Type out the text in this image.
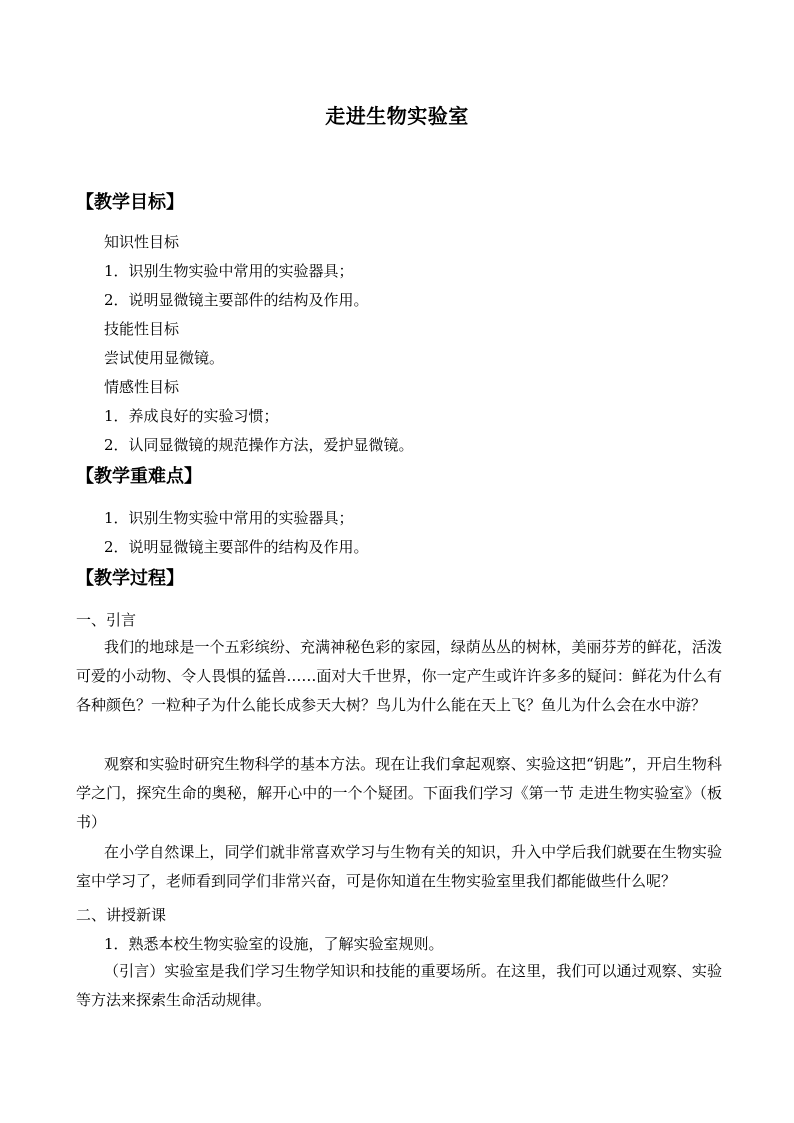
走进生物实验室
【教学目标】
知识性目标
1．识别生物实验中常用的实验器具；
2．说明显微镜主要部件的结构及作用。
技能性目标
尝试使用显微镜。
情感性目标
1．养成良好的实验习惯；
2．认同显微镜的规范操作方法，爱护显微镜。
【教学重难点】
1．识别生物实验中常用的实验器具；
2．说明显微镜主要部件的结构及作用。
【教学过程】
一、引言
我们的地球是一个五彩缤纷、充满神秘色彩的家园，绿荫丛丛的树林，美丽芬芳的鲜花，活泼可爱的小动物、令人畏惧的猛兽……面对大千世界，你一定产生或许许多多的疑问：鲜花为什么有各种颜色？一粒种子为什么能长成参天大树？鸟儿为什么能在天上飞？鱼儿为什么会在水中游？
观察和实验时研究生物科学的基本方法。现在让我们拿起观察、实验这把“钥匙”，开启生物科学之门，探究生命的奥秘，解开心中的一个个疑团。下面我们学习《第一节 走进生物实验室》（板书）
在小学自然课上，同学们就非常喜欢学习与生物有关的知识，升入中学后我们就要在生物实验室中学习了，老师看到同学们非常兴奋，可是你知道在生物实验室里我们都能做些什么呢？
二、讲授新课
1．熟悉本校生物实验室的设施，了解实验室规则。
（引言）实验室是我们学习生物学知识和技能的重要场所。在这里，我们可以通过观察、实验等方法来探索生命活动规律。
